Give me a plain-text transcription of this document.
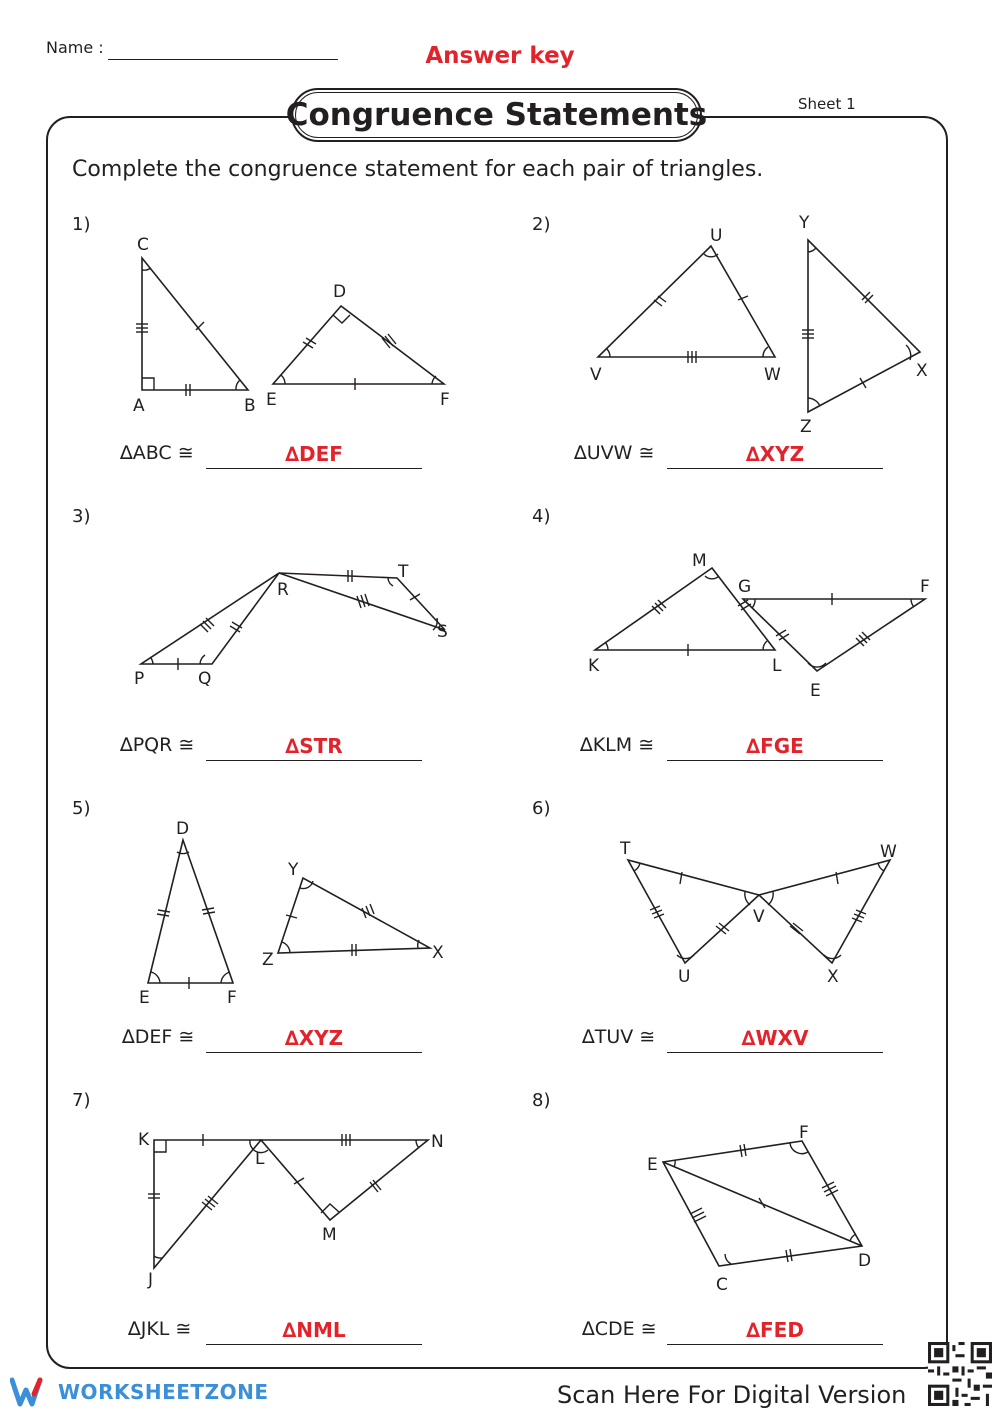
Name :	Answer key
Sheet 1
Congruence Statements
Complete the congruence statement for each pair of triangles.
1)	2)
3)	4)
5)	6)
7)	8)
∆ABC ≅	∆UVW ≅
∆PQR ≅	∆KLM ≅
∆DEF ≅	∆TUV ≅
∆JKL ≅	∆CDE ≅
∆DEF	∆XYZ
∆STR	∆FGE
∆XYZ	∆WXV
∆NML	∆FED
C
A	B
D
E	F
U
V	W
Y
X
Z
R
T
P	Q
S
M
G	F
K	L
E
D
Y
Z	X
E	F
T	W
V
U	X
K
L
N
M
J
F
E
D
C
WORKSHEETZONE	Scan Here For Digital Version
